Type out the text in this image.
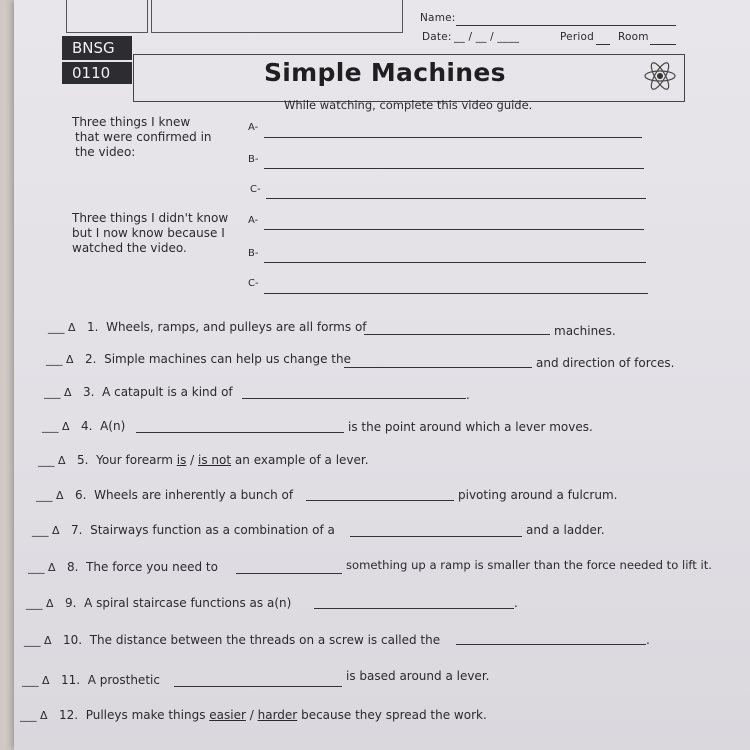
Name:
Date: __ / __ / ____	Period Room
BNSG
0110	Simple Machines
While watching, complete this video guide.
Three things I knew
that were confirmed in
the video:
A-
B-
C-
Three things I didn't know
but I now know because I
watched the video.
A-
B-
C-
___ Δ 1. Wheels, ramps, and pulleys are all forms of	machines.
___ Δ 2. Simple machines can help us change the	and direction of forces.
___ Δ 3. A catapult is a kind of	.
___ Δ 4. A(n)	is the point around which a lever moves.
___ Δ 5. Your forearm is / is not an example of a lever.
___ Δ 6. Wheels are inherently a bunch of	pivoting around a fulcrum.
___ Δ 7. Stairways function as a combination of a	and a ladder.
___ Δ 8. The force you need to	something up a ramp is smaller than the force needed to lift it.
___ Δ 9. A spiral staircase functions as a(n)	.
___ Δ 10. The distance between the threads on a screw is called the	.
___ Δ 11. A prosthetic	is based around a lever.
___ Δ 12. Pulleys make things easier / harder because they spread the work.
